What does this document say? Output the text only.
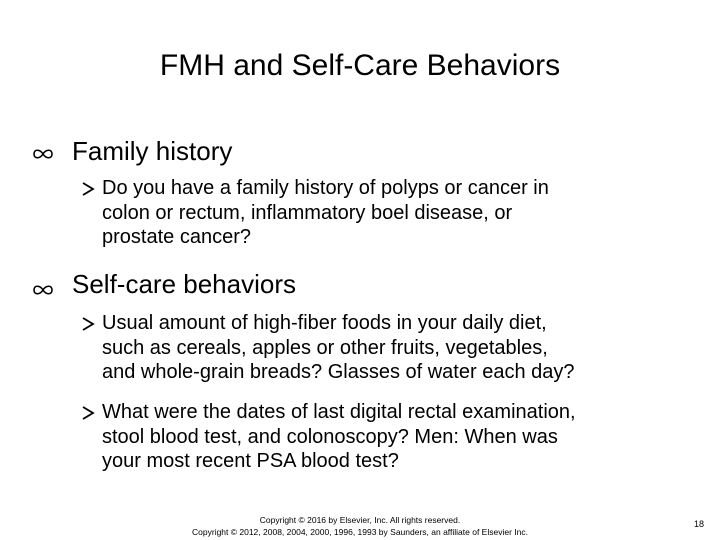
FMH and Self-Care Behaviors
Family history
Do you have a family history of polyps or cancer in
colon or rectum, inflammatory boel disease, or
prostate cancer?
Self-care behaviors
Usual amount of high-fiber foods in your daily diet,
such as cereals, apples or other fruits, vegetables,
and whole-grain breads? Glasses of water each day?
What were the dates of last digital rectal examination,
stool blood test, and colonoscopy? Men: When was
your most recent PSA blood test?
Copyright © 2016 by Elsevier, Inc. All rights reserved.
Copyright © 2012, 2008, 2004, 2000, 1996, 1993 by Saunders, an affiliate of Elsevier Inc.
18
